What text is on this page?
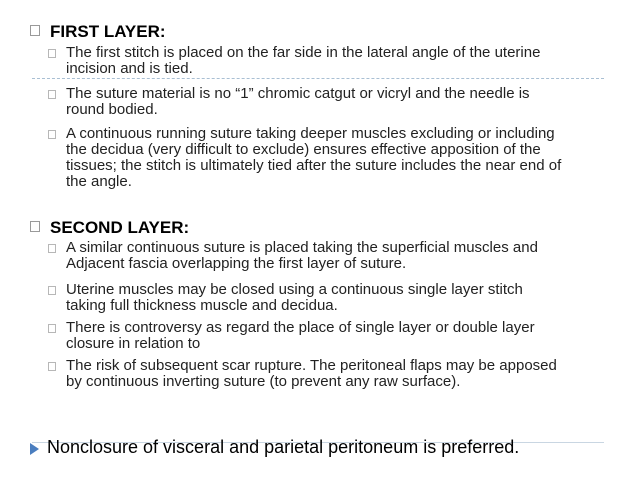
FIRST LAYER:
The first stitch is placed on the far side in the lateral angle of the uterine incision and is tied.
The suture material is no “1” chromic catgut or vicryl and the needle is round bodied.
A continuous running suture taking deeper muscles excluding or including the decidua (very difficult to exclude) ensures effective apposition of the tissues; the stitch is ultimately tied after the suture includes the near end of the angle.
SECOND LAYER:
A similar continuous suture is placed taking the superficial muscles and Adjacent fascia overlapping the first layer of suture.
Uterine muscles may be closed using a continuous single layer stitch taking full thickness muscle and decidua.
There is controversy as regard the place of single layer or double layer closure in relation to
The risk of subsequent scar rupture. The peritoneal flaps may be apposed by continuous inverting suture (to prevent any raw surface).
Nonclosure of visceral and parietal peritoneum is preferred.
